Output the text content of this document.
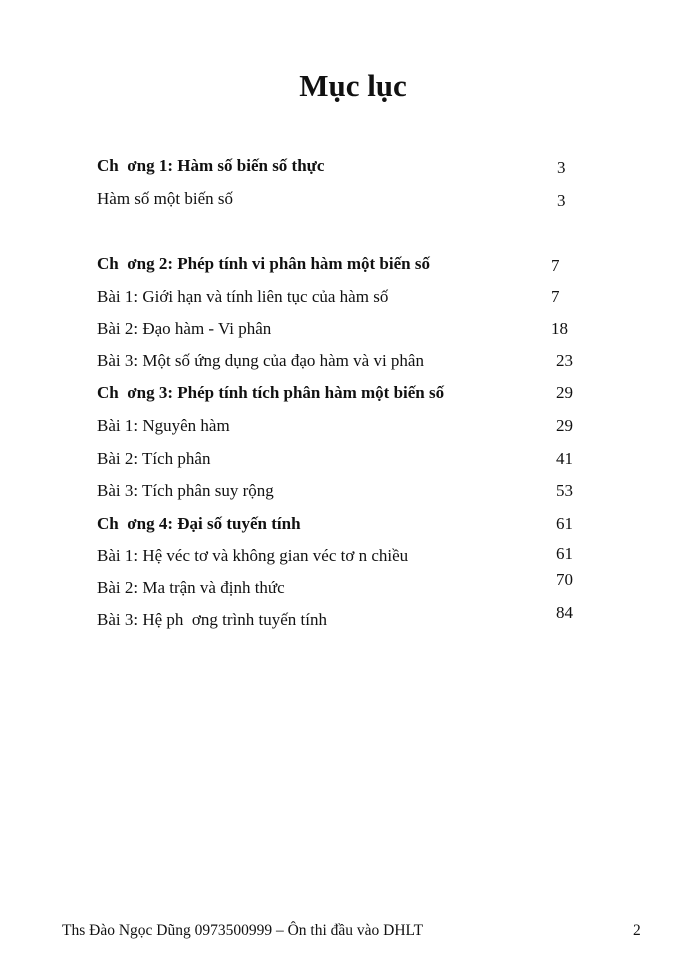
Mục lục
Ch  ơng 1: Hàm số biến số thực	3
Hàm số một biến số	3
Ch  ơng 2: Phép tính vi phân hàm một biến số	7
Bài 1: Giới hạn và tính liên tục của hàm số	7
Bài 2: Đạo hàm - Vi phân	18
Bài 3: Một số ứng dụng của đạo hàm và vi phân	23
Ch  ơng 3: Phép tính tích phân hàm một biến số	29
Bài 1: Nguyên hàm	29
Bài 2: Tích phân	41
Bài 3: Tích phân suy rộng	53
Ch  ơng 4: Đại số tuyến tính	61
Bài 1: Hệ véc tơ và không gian véc tơ n chiều	61
Bài 2: Ma trận và định thức	70
Bài 3: Hệ ph  ơng trình tuyến tính	84
Ths Đào Ngọc Dũng 0973500999 – Ôn thi đầu vào DHLT	2
